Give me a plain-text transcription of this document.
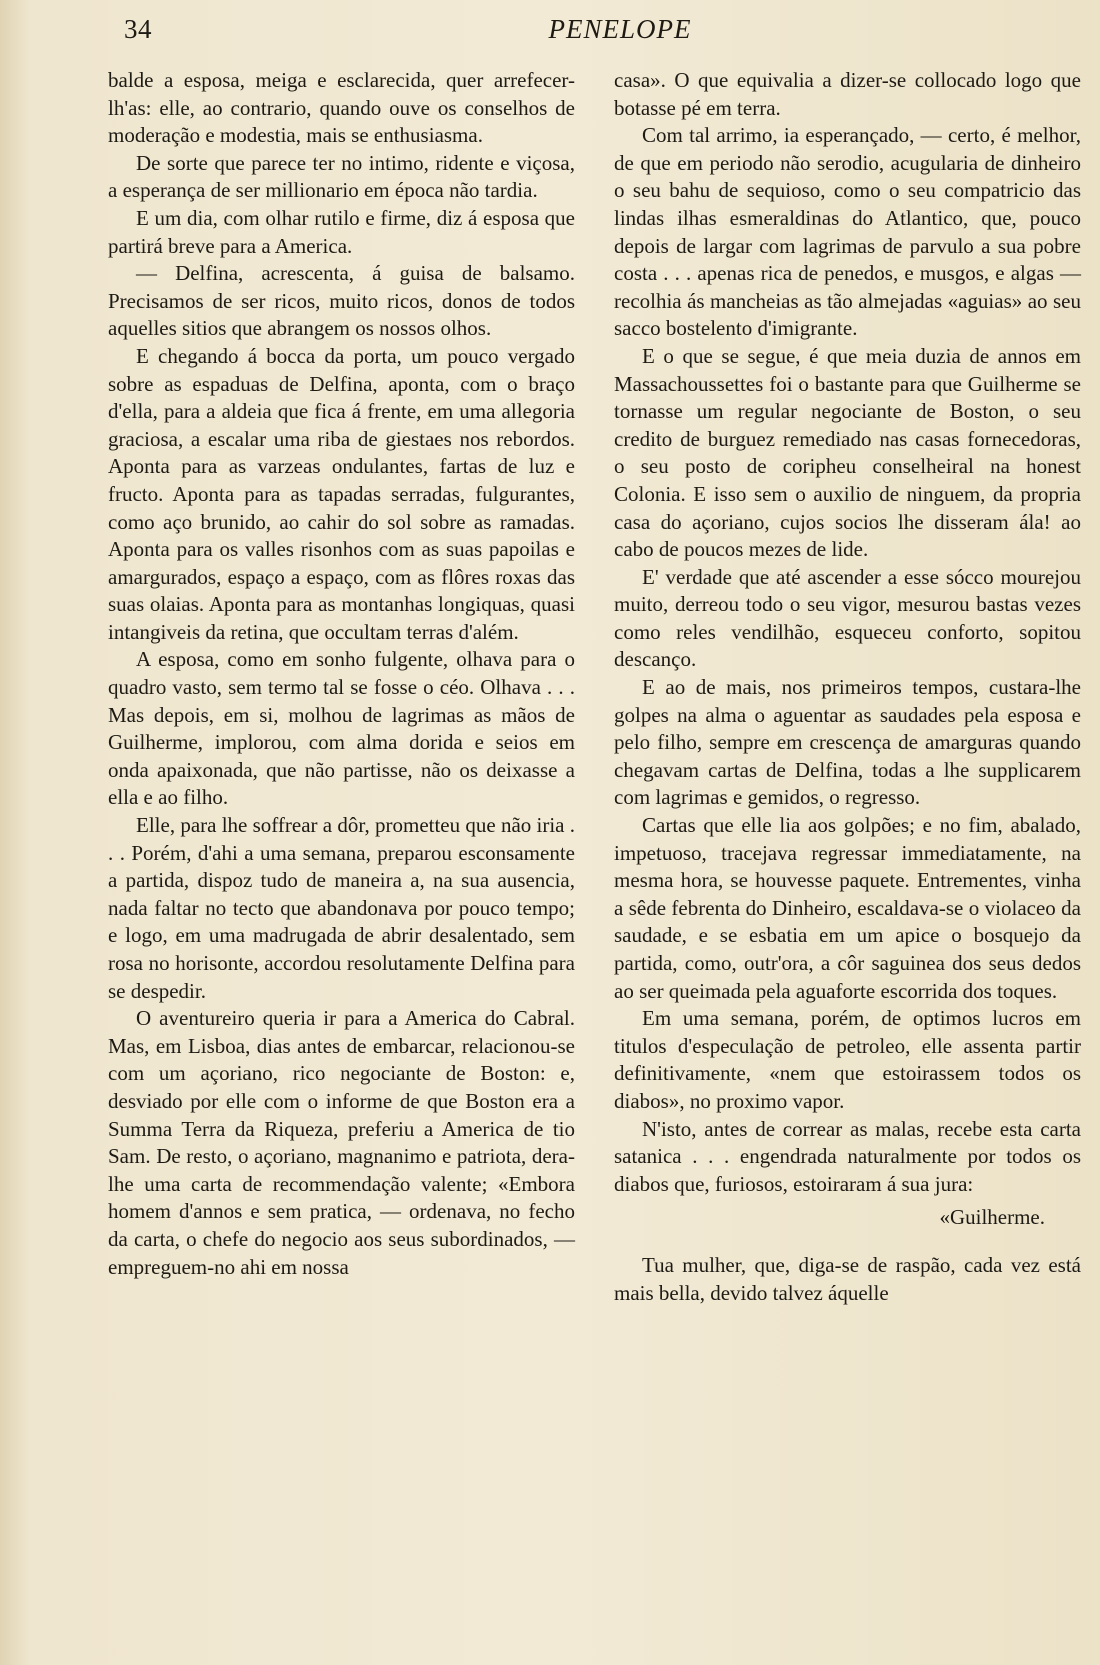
34	PENELOPE

balde a esposa, meiga e esclarecida, quer arrefecer-lh'as: elle, ao contrario, quando ouve os conselhos de moderação e modestia, mais se enthusiasma.

De sorte que parece ter no intimo, ridente e viçosa, a esperança de ser millionario em época não tardia.

E um dia, com olhar rutilo e firme, diz á esposa que partirá breve para a America.

— Delfina, acrescenta, á guisa de balsamo. Precisamos de ser ricos, muito ricos, donos de todos aquelles sitios que abrangem os nossos olhos.

E chegando á bocca da porta, um pouco vergado sobre as espaduas de Delfina, aponta, com o braço d'ella, para a aldeia que fica á frente, em uma allegoria graciosa, a escalar uma riba de giestaes nos rebordos. Aponta para as varzeas ondulantes, fartas de luz e fructo. Aponta para as tapadas serradas, fulgurantes, como aço brunido, ao cahir do sol sobre as ramadas. Aponta para os valles risonhos com as suas papoilas e amargurados, espaço a espaço, com as flôres roxas das suas olaias. Aponta para as montanhas longiquas, quasi intangiveis da retina, que occultam terras d'além.

A esposa, como em sonho fulgente, olhava para o quadro vasto, sem termo tal se fosse o céo. Olhava . . . Mas depois, em si, molhou de lagrimas as mãos de Guilherme, implorou, com alma dorida e seios em onda apaixonada, que não partisse, não os deixasse a ella e ao filho.

Elle, para lhe soffrear a dôr, prometteu que não iria . . . Porém, d'ahi a uma semana, preparou esconsamente a partida, dispoz tudo de maneira a, na sua ausencia, nada faltar no tecto que abandonava por pouco tempo; e logo, em uma madrugada de abrir desalentado, sem rosa no horisonte, accordou resolutamente Delfina para se despedir.

O aventureiro queria ir para a America do Cabral. Mas, em Lisboa, dias antes de embarcar, relacionou-se com um açoriano, rico negociante de Boston: e, desviado por elle com o informe de que Boston era a Summa Terra da Riqueza, preferiu a America de tio Sam. De resto, o açoriano, magnanimo e patriota, dera-lhe uma carta de recommendação valente; «Embora homem d'annos e sem pratica, — ordenava, no fecho da carta, o chefe do negocio aos seus subordinados, — empreguem-no ahi em nossa

casa». O que equivalia a dizer-se collocado logo que botasse pé em terra.

Com tal arrimo, ia esperançado, — certo, é melhor, de que em periodo não serodio, acugularia de dinheiro o seu bahu de sequioso, como o seu compatricio das lindas ilhas esmeraldinas do Atlantico, que, pouco depois de largar com lagrimas de parvulo a sua pobre costa . . . apenas rica de penedos, e musgos, e algas — recolhia ás mancheias as tão almejadas «aguias» ao seu sacco bostelento d'imigrante.

E o que se segue, é que meia duzia de annos em Massachoussettes foi o bastante para que Guilherme se tornasse um regular negociante de Boston, o seu credito de burguez remediado nas casas fornecedoras, o seu posto de coripheu conselheiral na honest Colonia. E isso sem o auxilio de ninguem, da propria casa do açoriano, cujos socios lhe disseram ála! ao cabo de poucos mezes de lide.

E' verdade que até ascender a esse sócco mourejou muito, derreou todo o seu vigor, mesurou bastas vezes como reles vendilhão, esqueceu conforto, sopitou descanço.

E ao de mais, nos primeiros tempos, custara-lhe golpes na alma o aguentar as saudades pela esposa e pelo filho, sempre em crescença de amarguras quando chegavam cartas de Delfina, todas a lhe supplicarem com lagrimas e gemidos, o regresso.

Cartas que elle lia aos golpões; e no fim, abalado, impetuoso, tracejava regressar immediatamente, na mesma hora, se houvesse paquete. Entrementes, vinha a sêde febrenta do Dinheiro, escaldava-se o violaceo da saudade, e se esbatia em um apice o bosquejo da partida, como, outr'ora, a côr saguinea dos seus dedos ao ser queimada pela aguaforte escorrida dos toques.

Em uma semana, porém, de optimos lucros em titulos d'especulação de petroleo, elle assenta partir definitivamente, «nem que estoirassem todos os diabos», no proximo vapor.

N'isto, antes de correar as malas, recebe esta carta satanica . . . engendrada naturalmente por todos os diabos que, furiosos, estoiraram á sua jura:

«Guilherme.

Tua mulher, que, diga-se de raspão, cada vez está mais bella, devido talvez áquelle
